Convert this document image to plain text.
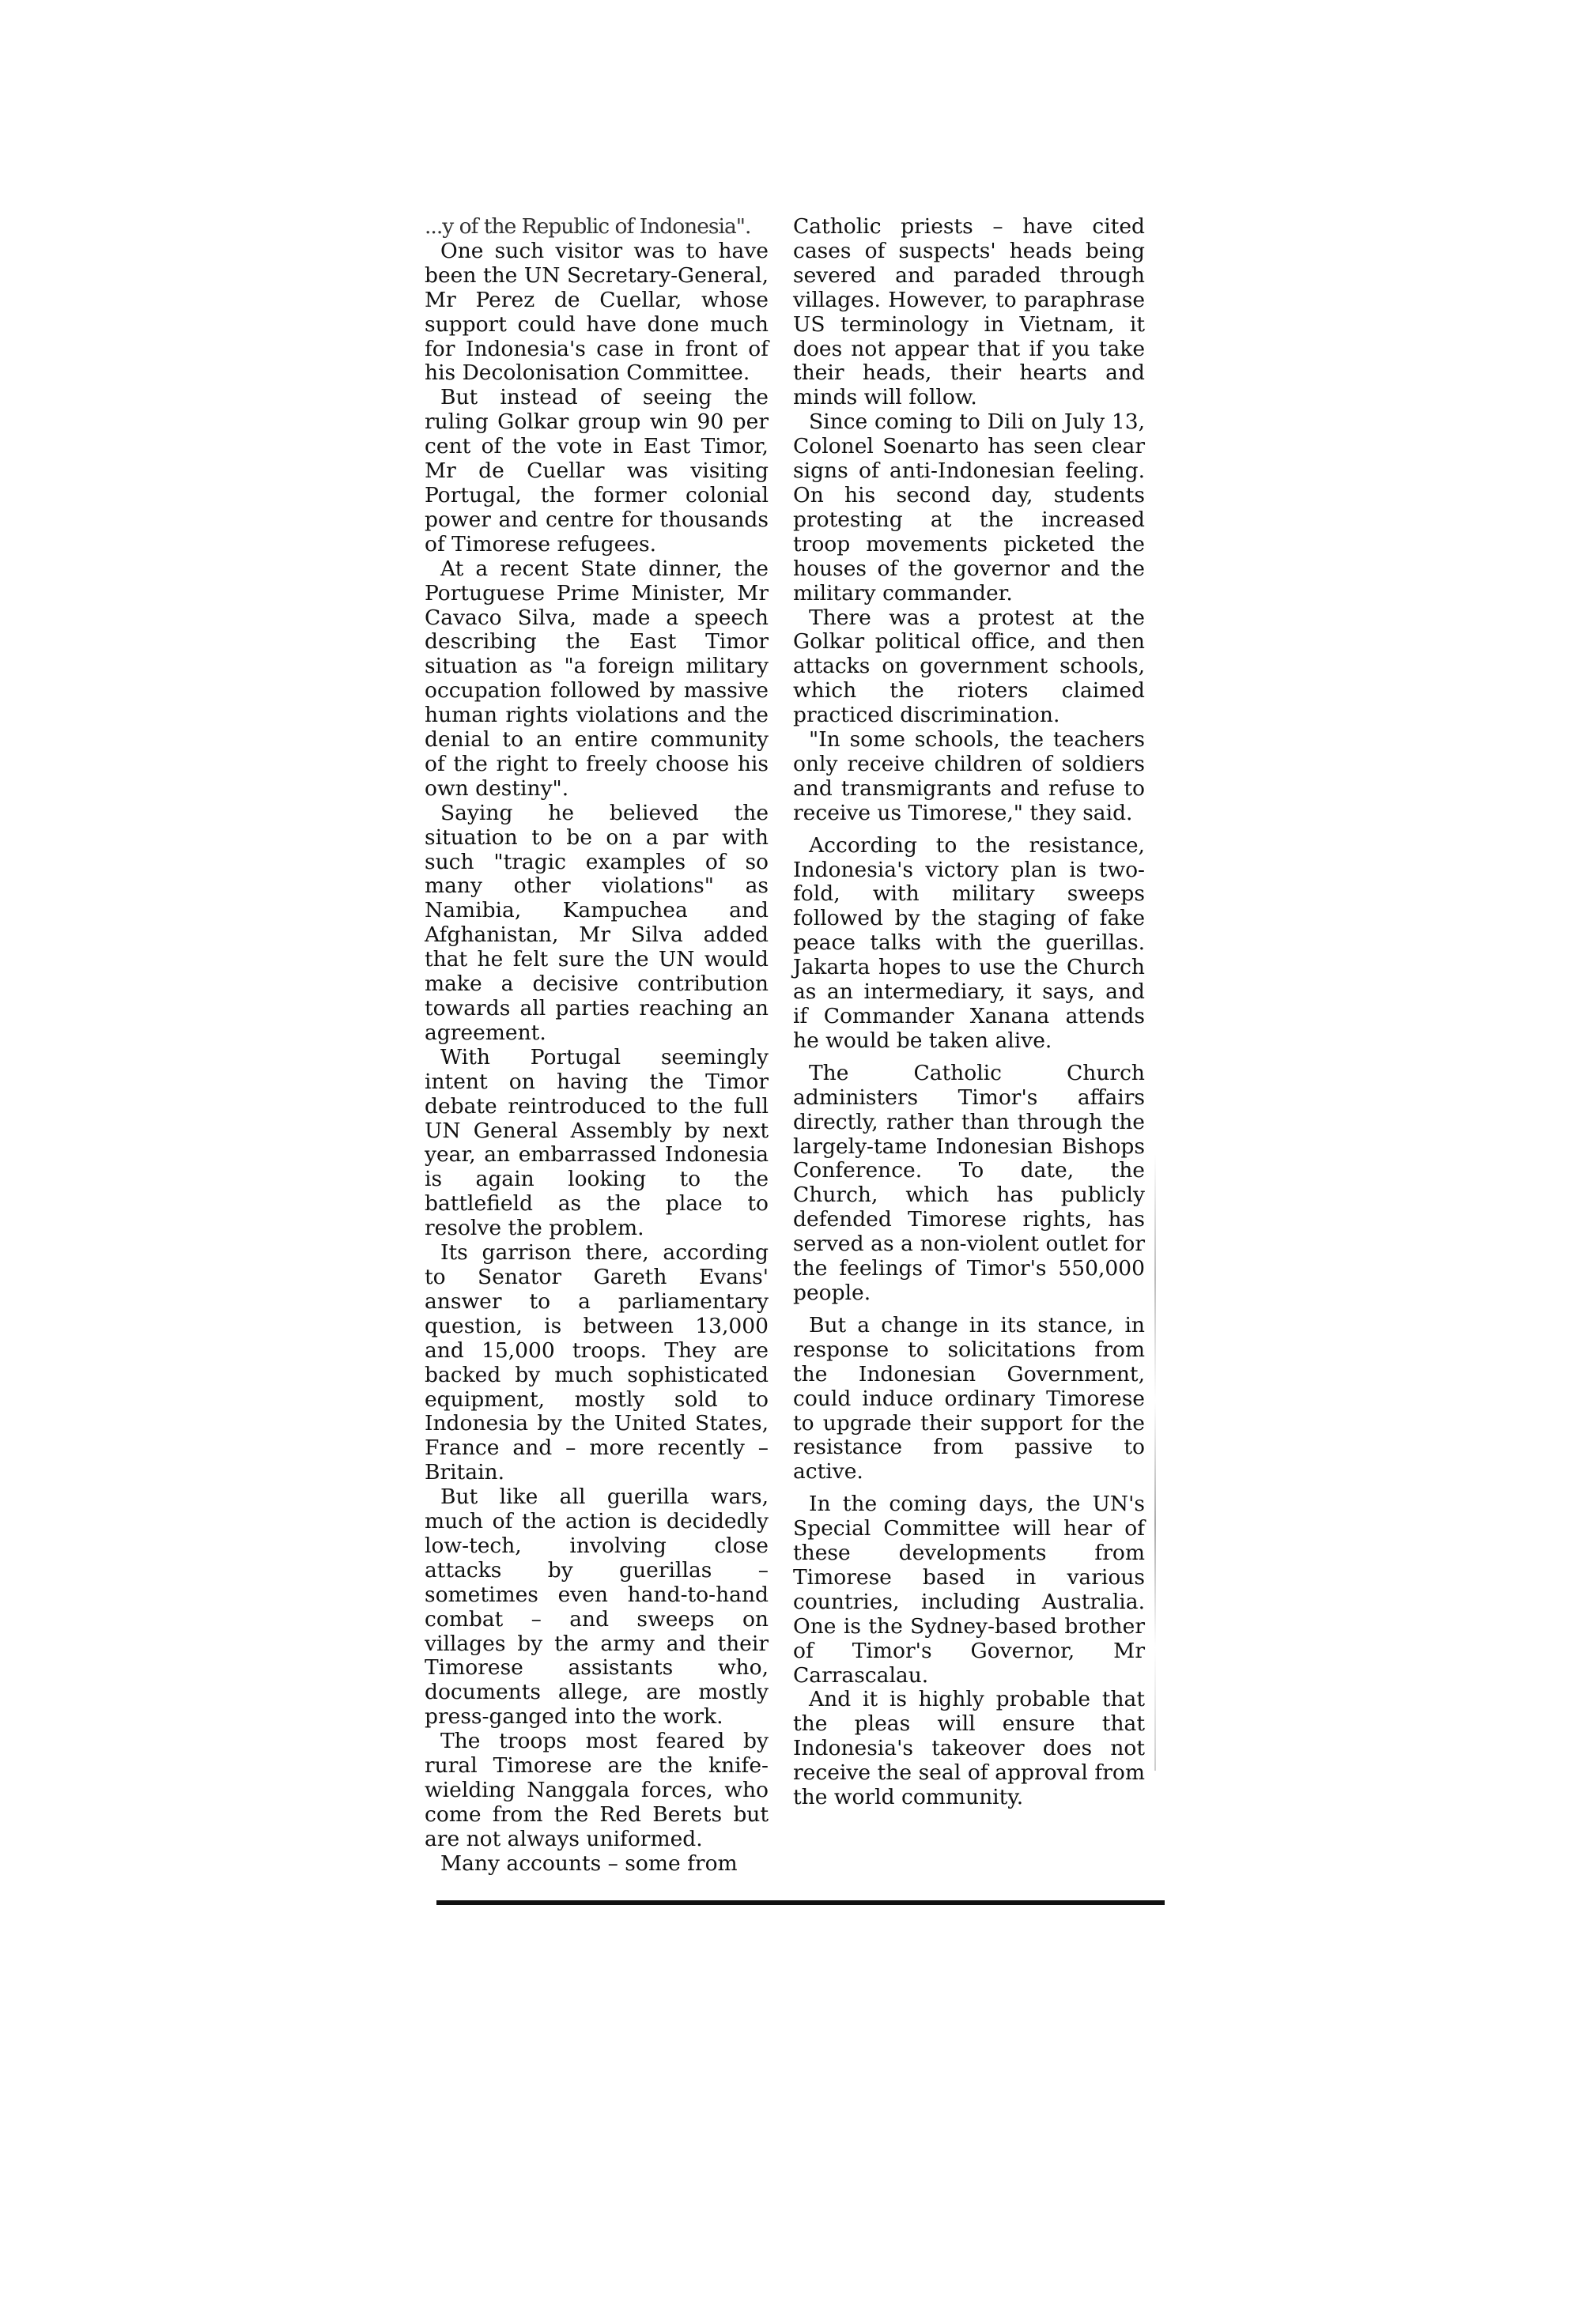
...y of the Republic of Indonesia".

One such visitor was to have been the UN Secretary-General, Mr Perez de Cuellar, whose support could have done much for Indonesia's case in front of his Decolonisation Committee.

But instead of seeing the ruling Golkar group win 90 per cent of the vote in East Timor, Mr de Cuellar was visiting Portugal, the former colonial power and centre for thousands of Timorese refugees.

At a recent State dinner, the Portuguese Prime Minister, Mr Cavaco Silva, made a speech describing the East Timor situation as "a foreign military occupation followed by massive human rights violations and the denial to an entire community of the right to freely choose his own destiny".

Saying he believed the situation to be on a par with such "tragic examples of so many other violations" as Namibia, Kampuchea and Afghanistan, Mr Silva added that he felt sure the UN would make a decisive contribution towards all parties reaching an agreement.

With Portugal seemingly intent on having the Timor debate reintroduced to the full UN General Assembly by next year, an embarrassed Indonesia is again looking to the battlefield as the place to resolve the problem.

Its garrison there, according to Senator Gareth Evans' answer to a parliamentary question, is between 13,000 and 15,000 troops. They are backed by much sophisticated equipment, mostly sold to Indonesia by the United States, France and – more recently – Britain.

But like all guerilla wars, much of the action is decidedly low-tech, involving close attacks by guerillas – sometimes even hand-to-hand combat – and sweeps on villages by the army and their Timorese assistants who, documents allege, are mostly press-ganged into the work.

The troops most feared by rural Timorese are the knife-wielding Nanggala forces, who come from the Red Berets but are not always uniformed.

Many accounts – some from

Catholic priests – have cited cases of suspects' heads being severed and paraded through villages. However, to paraphrase US terminology in Vietnam, it does not appear that if you take their heads, their hearts and minds will follow.

Since coming to Dili on July 13, Colonel Soenarto has seen clear signs of anti-Indonesian feeling. On his second day, students protesting at the increased troop movements picketed the houses of the governor and the military commander.

There was a protest at the Golkar political office, and then attacks on government schools, which the rioters claimed practiced discrimination.

"In some schools, the teachers only receive children of soldiers and transmigrants and refuse to receive us Timorese," they said.

According to the resistance, Indonesia's victory plan is two-fold, with military sweeps followed by the staging of fake peace talks with the guerillas. Jakarta hopes to use the Church as an intermediary, it says, and if Commander Xanana attends he would be taken alive.

The Catholic Church administers Timor's affairs directly, rather than through the largely-tame Indonesian Bishops Conference. To date, the Church, which has publicly defended Timorese rights, has served as a non-violent outlet for the feelings of Timor's 550,000 people.

But a change in its stance, in response to solicitations from the Indonesian Government, could induce ordinary Timorese to upgrade their support for the resistance from passive to active.

In the coming days, the UN's Special Committee will hear of these developments from Timorese based in various countries, including Australia. One is the Sydney-based brother of Timor's Governor, Mr Carrascalau.

And it is highly probable that the pleas will ensure that Indonesia's takeover does not receive the seal of approval from the world community.
